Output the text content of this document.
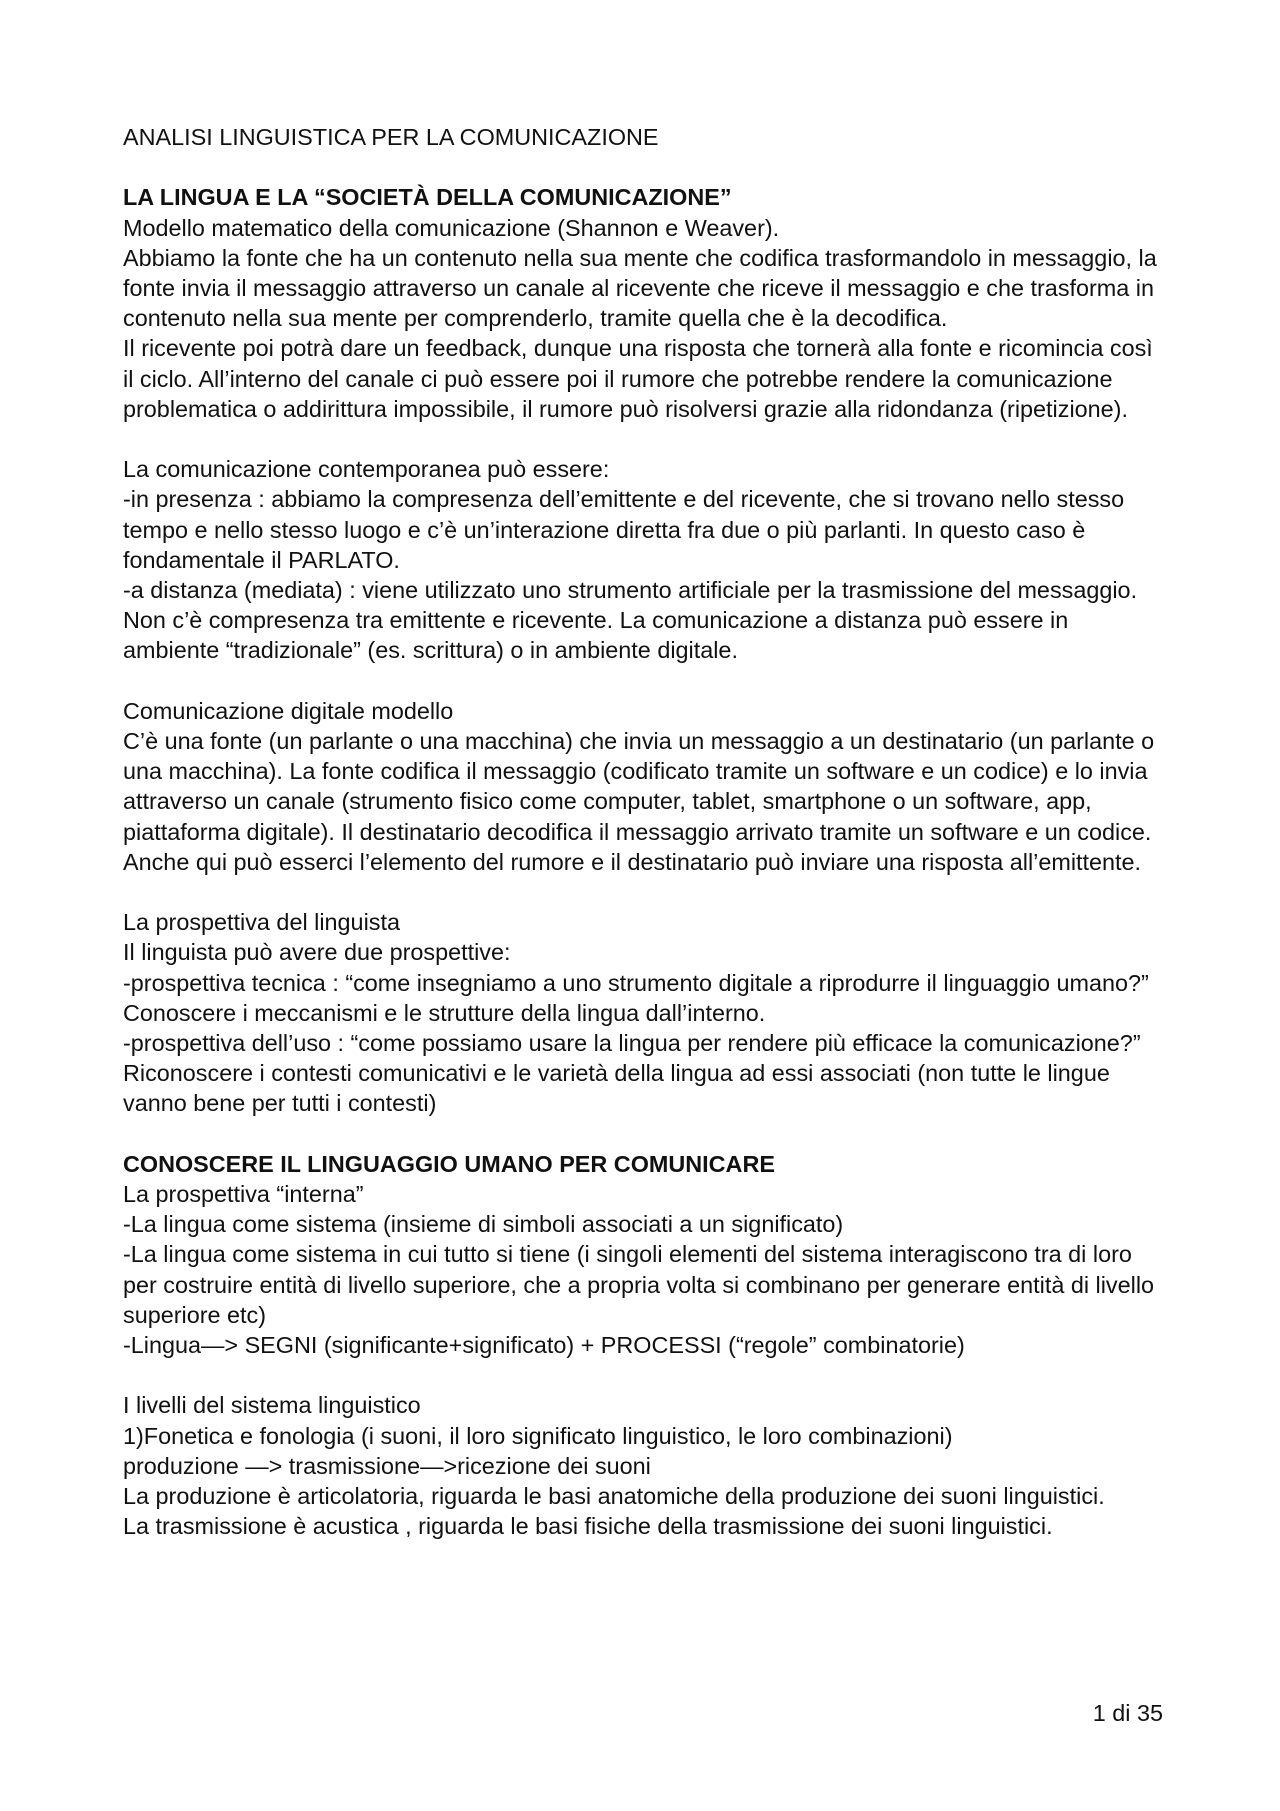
ANALISI LINGUISTICA PER LA COMUNICAZIONE
LA LINGUA E LA “SOCIETÀ DELLA COMUNICAZIONE”

Modello matematico della comunicazione (Shannon e Weaver).

Abbiamo la fonte che ha un contenuto nella sua mente che codifica trasformandolo in messaggio, la fonte invia il messaggio attraverso un canale al ricevente che riceve il messaggio e che trasforma in contenuto nella sua mente per comprenderlo, tramite quella che è la decodifica.

Il ricevente poi potrà dare un feedback, dunque una risposta che tornerà alla fonte e ricomincia così il ciclo. All’interno del canale ci può essere poi il rumore che potrebbe rendere la comunicazione problematica o addirittura impossibile, il rumore può risolversi grazie alla ridondanza (ripetizione).

La comunicazione contemporanea può essere:

-in presenza : abbiamo la compresenza dell’emittente e del ricevente, che si trovano nello stesso tempo e nello stesso luogo e c’è un’interazione diretta fra due o più parlanti. In questo caso è fondamentale il PARLATO.

-a distanza (mediata) : viene utilizzato uno strumento artificiale per la trasmissione del messaggio. Non c’è compresenza tra emittente e ricevente. La comunicazione a distanza può essere in ambiente “tradizionale” (es. scrittura) o in ambiente digitale.

Comunicazione digitale modello

C’è una fonte (un parlante o una macchina) che invia un messaggio a un destinatario (un parlante o una macchina). La fonte codifica il messaggio (codificato tramite un software e un codice) e lo invia attraverso un canale (strumento fisico come computer, tablet, smartphone o un software, app, piattaforma digitale). Il destinatario decodifica il messaggio arrivato tramite un software e un codice. Anche qui può esserci l’elemento del rumore e il destinatario può inviare una risposta all’emittente.

La prospettiva del linguista

Il linguista può avere due prospettive:

-prospettiva tecnica : “come insegniamo a uno strumento digitale a riprodurre il linguaggio umano?” Conoscere i meccanismi e le strutture della lingua dall’interno.

-prospettiva dell’uso : “come possiamo usare la lingua per rendere più efficace la comunicazione?” Riconoscere i contesti comunicativi e le varietà della lingua ad essi associati (non tutte le lingue vanno bene per tutti i contesti)

CONOSCERE IL LINGUAGGIO UMANO PER COMUNICARE

La prospettiva “interna”

-La lingua come sistema (insieme di simboli associati a un significato)

-La lingua come sistema in cui tutto si tiene (i singoli elementi del sistema interagiscono tra di loro per costruire entità di livello superiore, che a propria volta si combinano per generare entità di livello superiore etc)

-Lingua—> SEGNI (significante+significato) + PROCESSI (“regole” combinatorie)

I livelli del sistema linguistico

1)Fonetica e fonologia (i suoni, il loro significato linguistico, le loro combinazioni)

produzione —> trasmissione—>ricezione dei suoni

La produzione è articolatoria, riguarda le basi anatomiche della produzione dei suoni linguistici.

La trasmissione è acustica , riguarda le basi fisiche della trasmissione dei suoni linguistici.

1 di 35
